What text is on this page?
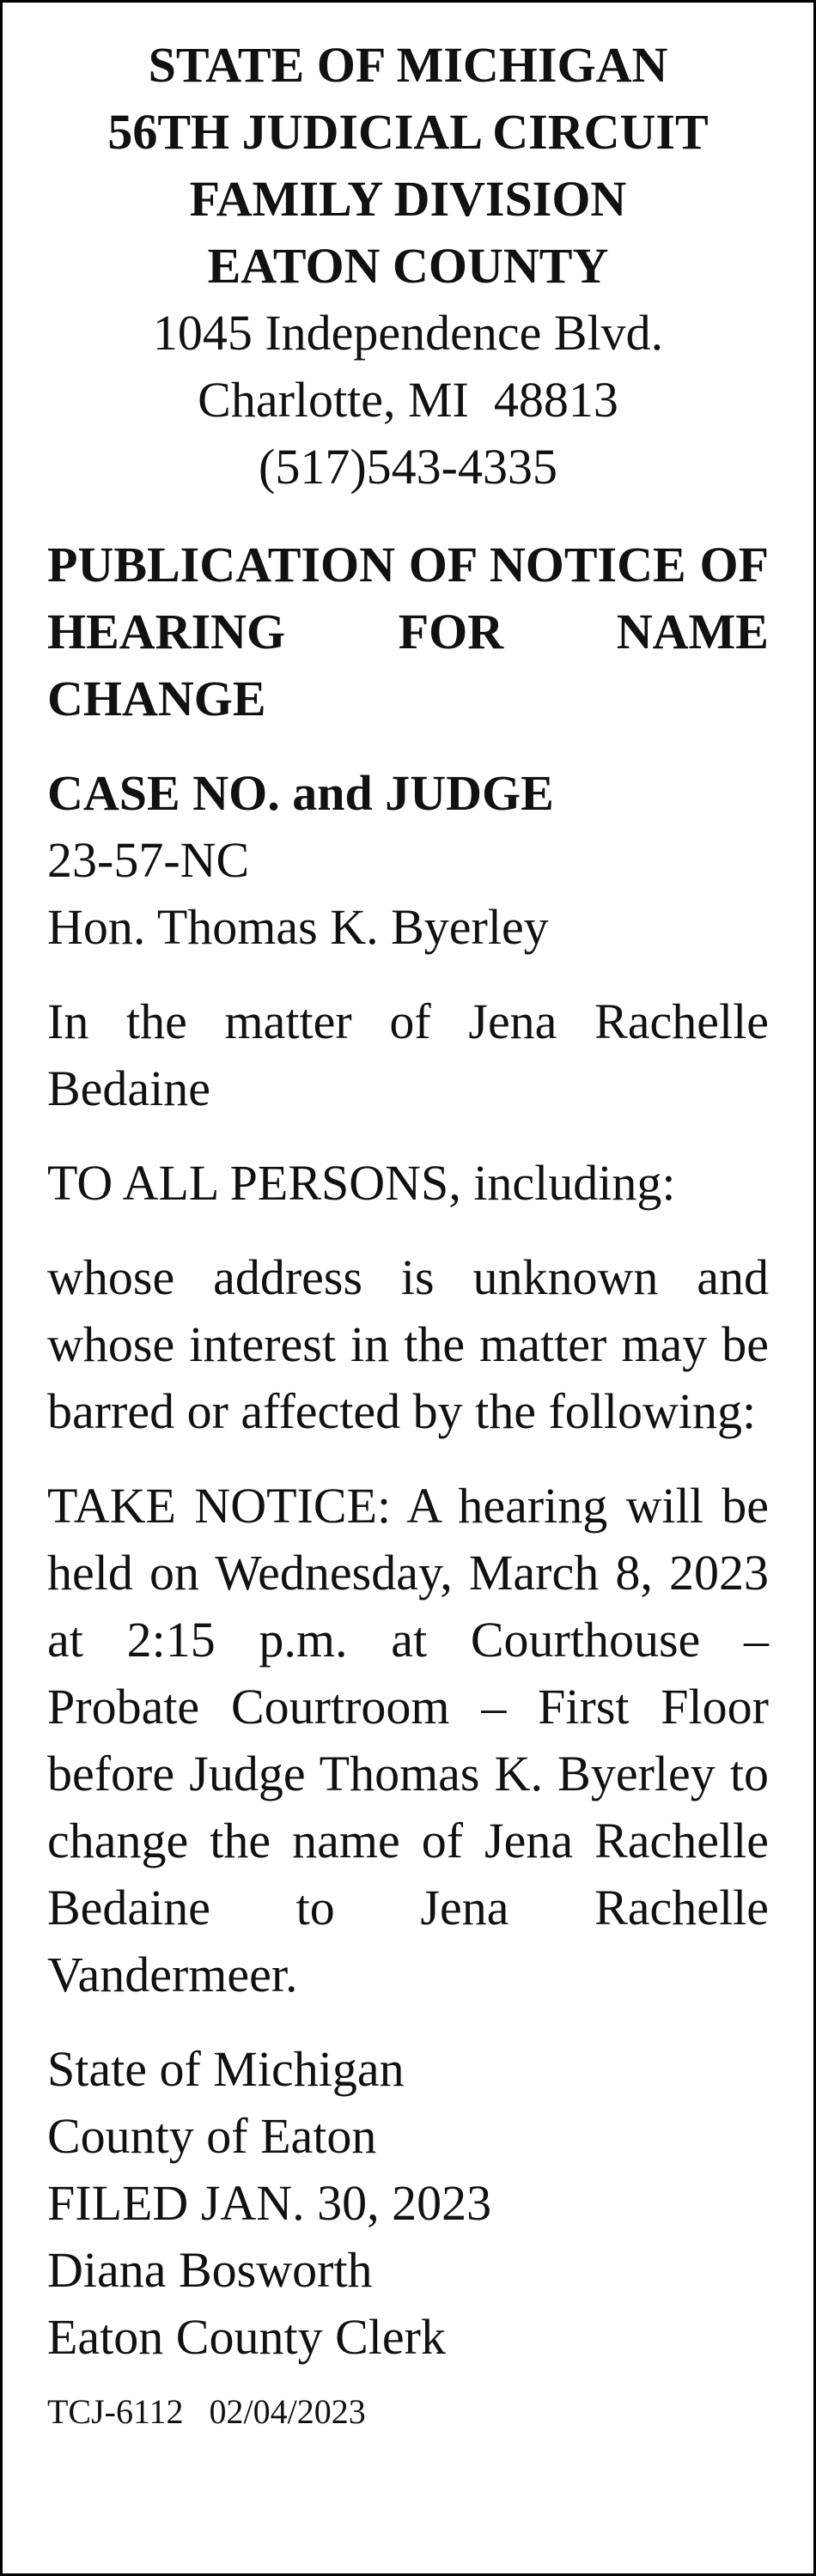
STATE OF MICHIGAN
56TH JUDICIAL CIRCUIT
FAMILY DIVISION
EATON COUNTY
1045 Independence Blvd.
Charlotte, MI  48813
(517)543-4335

PUBLICATION OF NOTICE OF HEARING FOR NAME CHANGE

CASE NO. and JUDGE
23-57-NC
Hon. Thomas K. Byerley

In the matter of Jena Rachelle Bedaine

TO ALL PERSONS, including:

whose address is unknown and whose interest in the matter may be barred or affected by the following:

TAKE NOTICE: A hearing will be held on Wednesday, March 8, 2023 at 2:15 p.m. at Courthouse – Probate Courtroom – First Floor before Judge Thomas K. Byerley to change the name of Jena Rachelle Bedaine to Jena Rachelle Vandermeer.

State of Michigan
County of Eaton
FILED JAN. 30, 2023
Diana Bosworth
Eaton County Clerk
TCJ-6112 02/04/2023
